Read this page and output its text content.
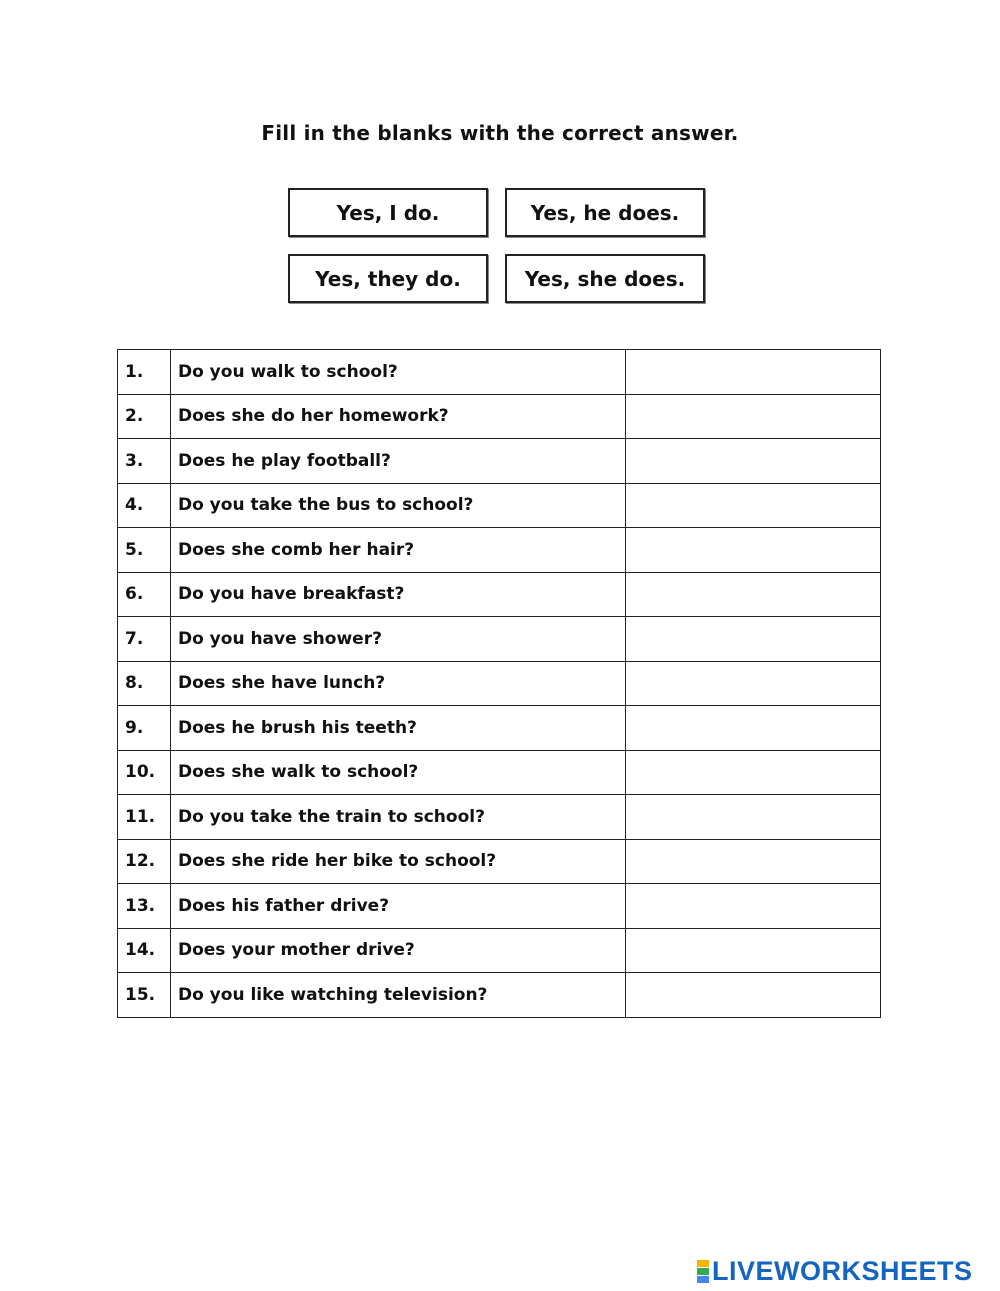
Fill in the blanks with the correct answer.
Yes, I do.	Yes, he does.
Yes, they do.	Yes, she does.
1.	Do you walk to school?	
2.	Does she do her homework?	
3.	Does he play football?	
4.	Do you take the bus to school?	
5.	Does she comb her hair?	
6.	Do you have breakfast?	
7.	Do you have shower?	
8.	Does she have lunch?	
9.	Does he brush his teeth?	
10.	Does she walk to school?	
11.	Do you take the train to school?	
12.	Does she ride her bike to school?	
13.	Does his father drive?	
14.	Does your mother drive?	
15.	Do you like watching television?	
LIVEWORKSHEETS
